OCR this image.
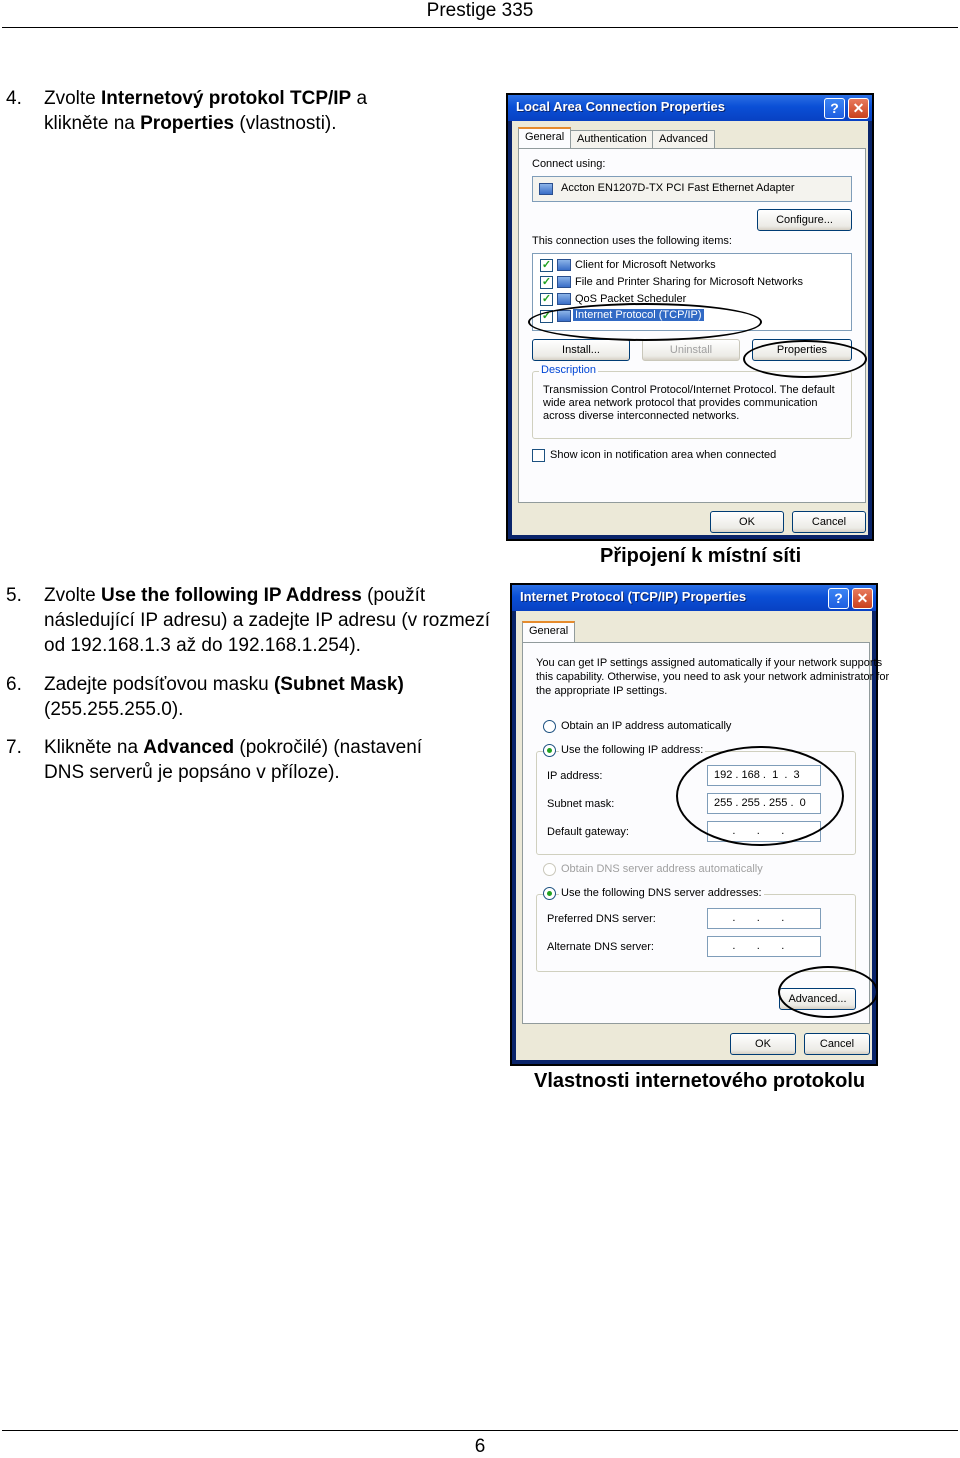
Prestige 335
4. Zvolte Internetový protokol TCP/IP a klikněte na Properties (vlastnosti).
5. Zvolte Use the following IP Address (použít následující IP adresu) a zadejte IP adresu (v rozmezí od 192.168.1.3 až do 192.168.1.254).
6. Zadejte podsíťovou masku (Subnet Mask) (255.255.255.0).
7. Klikněte na Advanced (pokročilé) (nastavení DNS serverů je popsáno v příloze).
Local Area Connection Properties	? ✕
General	Authentication	Advanced
Connect using:

Accton EN1207D-TX PCI Fast Ethernet Adapter

Configure...
This connection uses the following items:
✓ Client for Microsoft Networks
✓ File and Printer Sharing for Microsoft Networks
✓ QoS Packet Scheduler
✓ Internet Protocol (TCP/IP)
Install...	Uninstall	Properties
Description
Transmission Control Protocol/Internet Protocol. The default
wide area network protocol that provides communication
across diverse interconnected networks.
Show icon in notification area when connected
OK	Cancel
Připojení k místní síti
Internet Protocol (TCP/IP) Properties	? ✕
General
You can get IP settings assigned automatically if your network supports
this capability. Otherwise, you need to ask your network administrator for
the appropriate IP settings.
Obtain an IP address automatically
Use the following IP address:
IP address:	192 . 168 .  1  .  3
Subnet mask:	255 . 255 . 255 .  0
Default gateway:	.       .       .
Obtain DNS server address automatically
Use the following DNS server addresses:
Preferred DNS server:	.       .       .
Alternate DNS server:	.       .       .
Advanced...
OK	Cancel
Vlastnosti internetového protokolu
6
